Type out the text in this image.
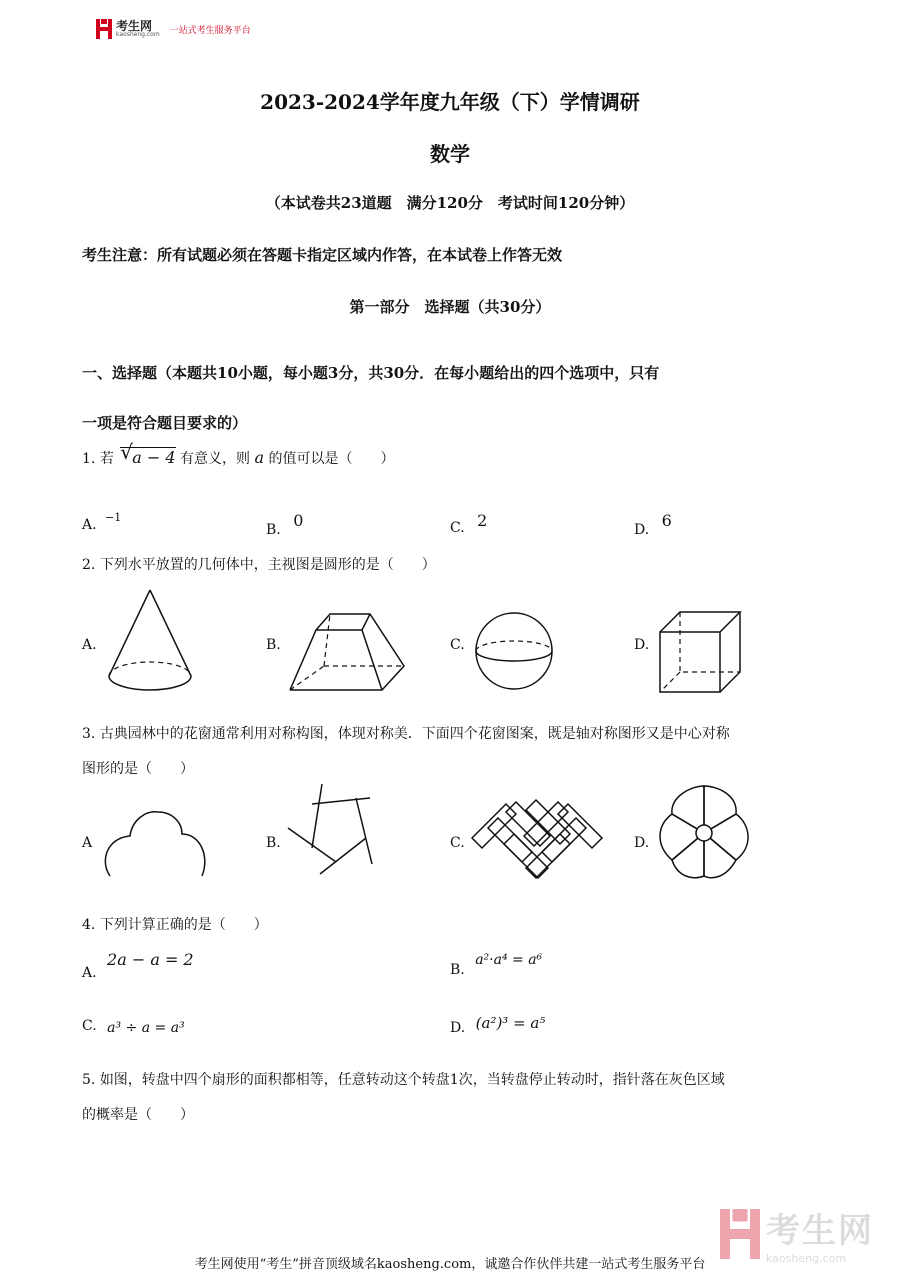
考生网
kaosheng.com 一站式考生服务平台
2023-2024学年度九年级（下）学情调研
数学
（本试卷共23道题　满分120分　考试时间120分钟）
考生注意：所有试题必须在答题卡指定区域内作答，在本试卷上作答无效
第一部分　选择题（共30分）
一、选择题（本题共10小题，每小题3分，共30分．在每小题给出的四个选项中，只有
一项是符合题目要求的）
1. 若 √ a − 4 有意义，则 a 的值可以是（　　）
A. $^{-1}$
B. 0	C. 2	D. 6
2. 下列水平放置的几何体中，主视图是圆形的是（　　）
A.	B.	C.	D.
3. 古典园林中的花窗通常利用对称构图，体现对称美．下面四个花窗图案，既是轴对称图形又是中心对称
图形的是（　　）
A	B.	C.	D.
4. 下列计算正确的是（　　）
A. 2a − a = 2
B. a²·a⁴ = a⁶
C. a³ ÷ a = a³	D. (a²)³ = a⁵
5. 如图，转盘中四个扇形的面积都相等，任意转动这个转盘1次，当转盘停止转动时，指针落在灰色区域
的概率是（　　）
考生网
kaosheng.com
考生网使用“考生”拼音顶级域名kaosheng.com，诚邀合作伙伴共建一站式考生服务平台
